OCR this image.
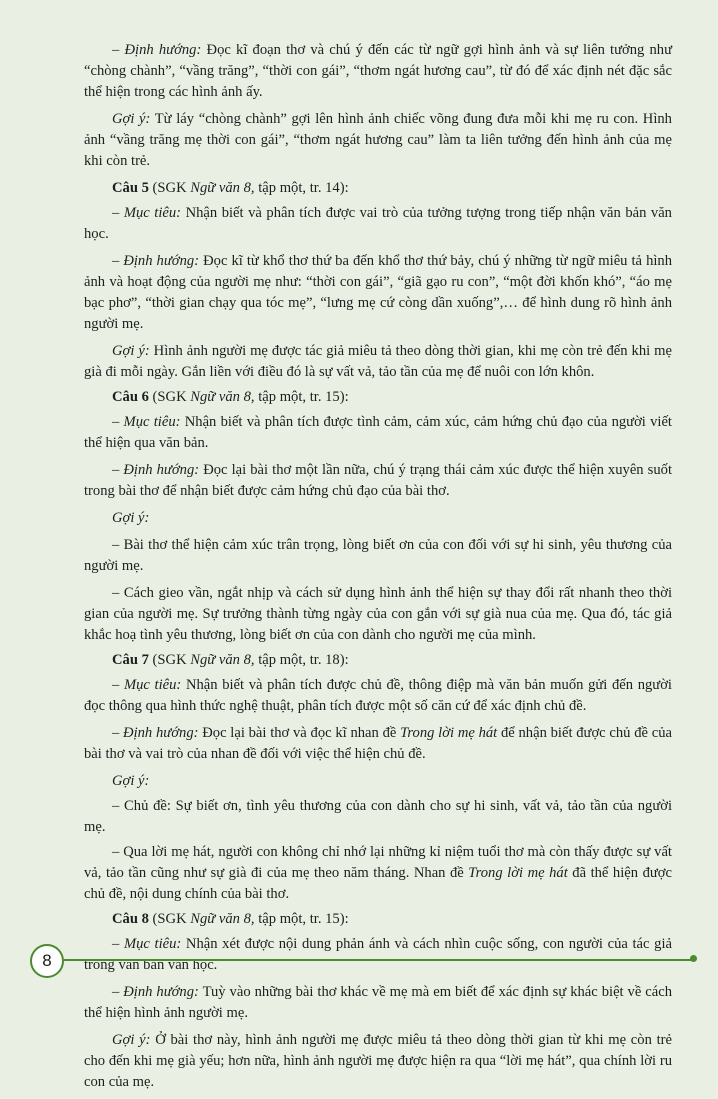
– Định hướng: Đọc kĩ đoạn thơ và chú ý đến các từ ngữ gợi hình ảnh và sự liên tưởng như “chòng chành”, “vầng trăng”, “thời con gái”, “thơm ngát hương cau”, từ đó để xác định nét đặc sắc thể hiện trong các hình ảnh ấy.

Gợi ý: Từ láy “chòng chành” gợi lên hình ảnh chiếc võng đung đưa mỗi khi mẹ ru con. Hình ảnh “vầng trăng mẹ thời con gái”, “thơm ngát hương cau” làm ta liên tưởng đến hình ảnh của mẹ khi còn trẻ.

Câu 5 (SGK Ngữ văn 8, tập một, tr. 14):

– Mục tiêu: Nhận biết và phân tích được vai trò của tưởng tượng trong tiếp nhận văn bản văn học.

– Định hướng: Đọc kĩ từ khổ thơ thứ ba đến khổ thơ thứ bảy, chú ý những từ ngữ miêu tả hình ảnh và hoạt động của người mẹ như: “thời con gái”, “giã gạo ru con”, “một đời khốn khó”, “áo mẹ bạc phơ”, “thời gian chạy qua tóc mẹ”, “lưng mẹ cứ còng dần xuống”,… để hình dung rõ hình ảnh người mẹ.

Gợi ý: Hình ảnh người mẹ được tác giả miêu tả theo dòng thời gian, khi mẹ còn trẻ đến khi mẹ già đi mỗi ngày. Gắn liền với điều đó là sự vất vả, tảo tần của mẹ để nuôi con lớn khôn.

Câu 6 (SGK Ngữ văn 8, tập một, tr. 15):

– Mục tiêu: Nhận biết và phân tích được tình cảm, cảm xúc, cảm hứng chủ đạo của người viết thể hiện qua văn bản.

– Định hướng: Đọc lại bài thơ một lần nữa, chú ý trạng thái cảm xúc được thể hiện xuyên suốt trong bài thơ để nhận biết được cảm hứng chủ đạo của bài thơ.

Gợi ý:

– Bài thơ thể hiện cảm xúc trân trọng, lòng biết ơn của con đối với sự hi sinh, yêu thương của người mẹ.

– Cách gieo vần, ngắt nhịp và cách sử dụng hình ảnh thể hiện sự thay đổi rất nhanh theo thời gian của người mẹ. Sự trưởng thành từng ngày của con gắn với sự già nua của mẹ. Qua đó, tác giả khắc hoạ tình yêu thương, lòng biết ơn của con dành cho người mẹ của mình.

Câu 7 (SGK Ngữ văn 8, tập một, tr. 18):

– Mục tiêu: Nhận biết và phân tích được chủ đề, thông điệp mà văn bản muốn gửi đến người đọc thông qua hình thức nghệ thuật, phân tích được một số căn cứ để xác định chủ đề.

– Định hướng: Đọc lại bài thơ và đọc kĩ nhan đề Trong lời mẹ hát để nhận biết được chủ đề của bài thơ và vai trò của nhan đề đối với việc thể hiện chủ đề.

Gợi ý:

– Chủ đề: Sự biết ơn, tình yêu thương của con dành cho sự hi sinh, vất vả, tảo tần của người mẹ.

– Qua lời mẹ hát, người con không chỉ nhớ lại những kỉ niệm tuổi thơ mà còn thấy được sự vất vả, tảo tần cũng như sự già đi của mẹ theo năm tháng. Nhan đề Trong lời mẹ hát đã thể hiện được chủ đề, nội dung chính của bài thơ.

Câu 8 (SGK Ngữ văn 8, tập một, tr. 15):

– Mục tiêu: Nhận xét được nội dung phản ánh và cách nhìn cuộc sống, con người của tác giả trong văn bản văn học.

– Định hướng: Tuỳ vào những bài thơ khác về mẹ mà em biết để xác định sự khác biệt về cách thể hiện hình ảnh người mẹ.

Gợi ý: Ở bài thơ này, hình ảnh người mẹ được miêu tả theo dòng thời gian từ khi mẹ còn trẻ cho đến khi mẹ già yếu; hơn nữa, hình ảnh người mẹ được hiện ra qua “lời mẹ hát”, qua chính lời ru con của mẹ.

8
